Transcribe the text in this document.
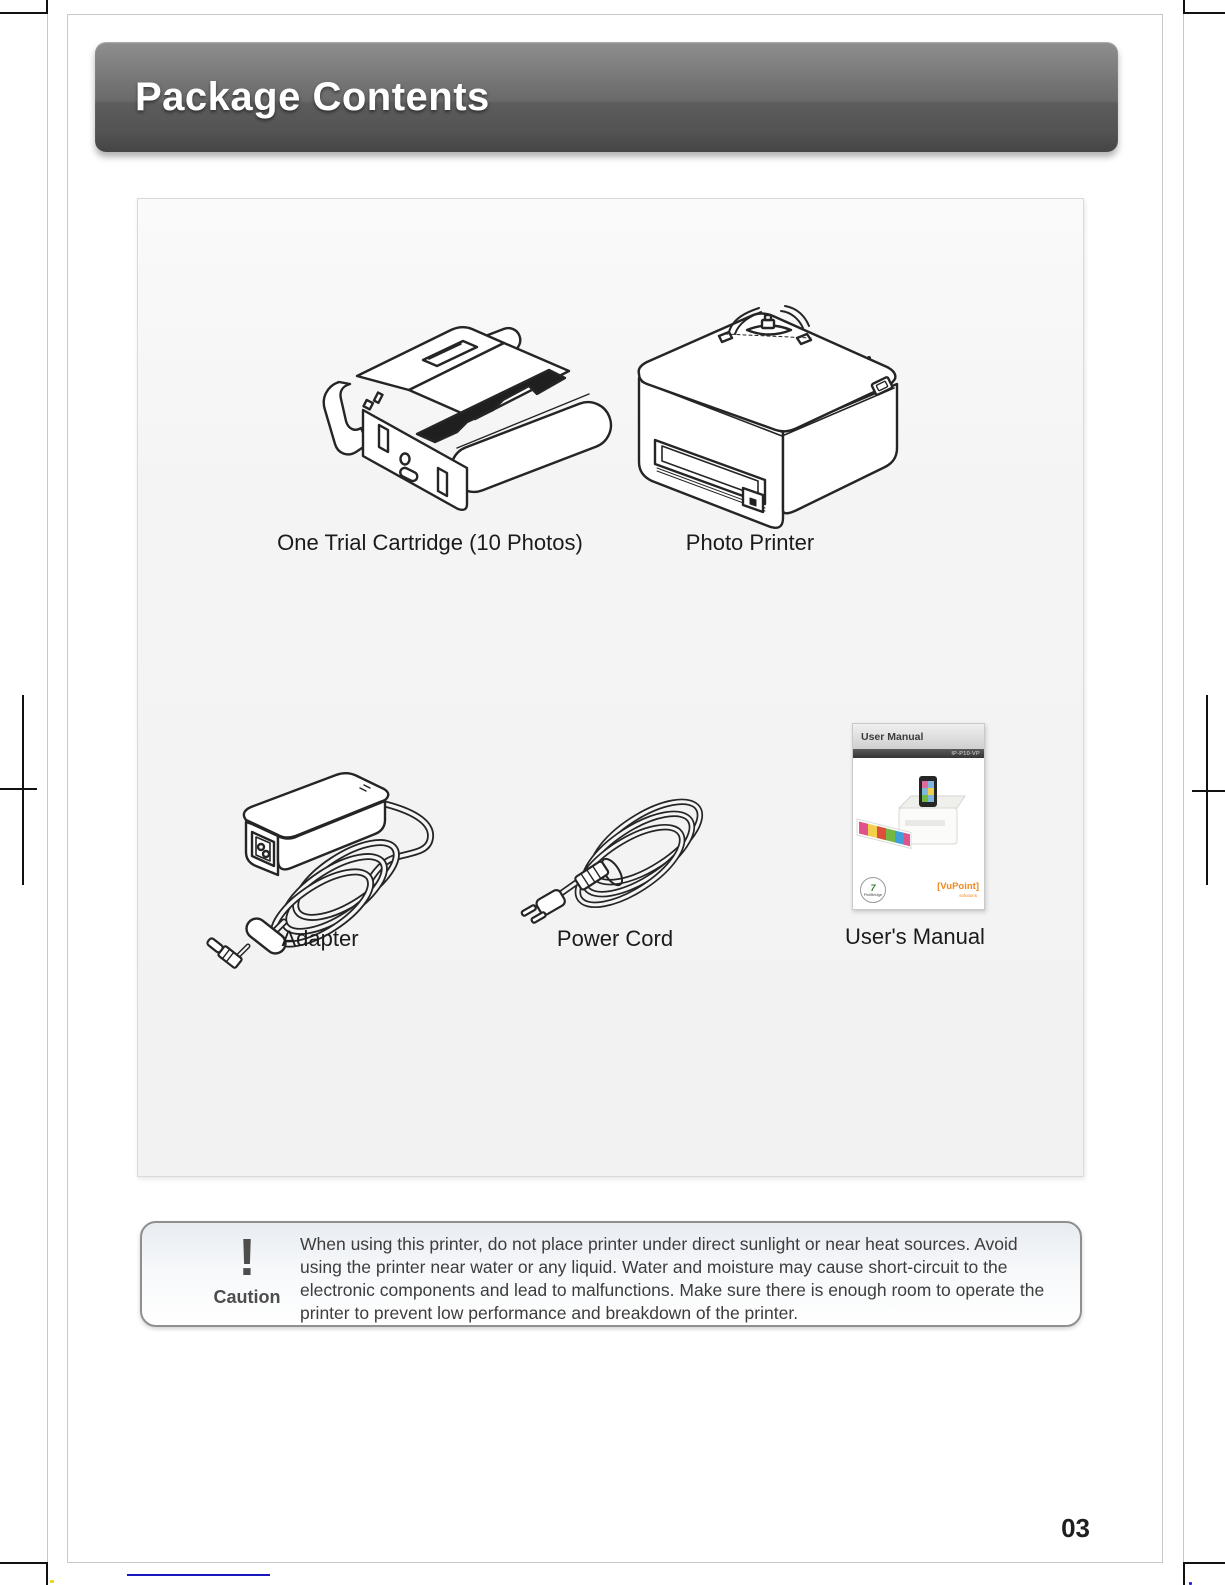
Package Contents
One Trial Cartridge (10 Photos)	Photo Printer
User Manual
IP-P10-VP
7
PictBridge
[VuPoint]
solutions
Adapter	Power Cord	User's Manual
!
Caution
When using this printer, do not place printer under direct sunlight or near heat sources. Avoid using the printer near water or any liquid. Water and moisture may cause short-circuit to the electronic components and lead to malfunctions. Make sure there is enough room to operate the printer to prevent low performance and breakdown of the printer.
03
